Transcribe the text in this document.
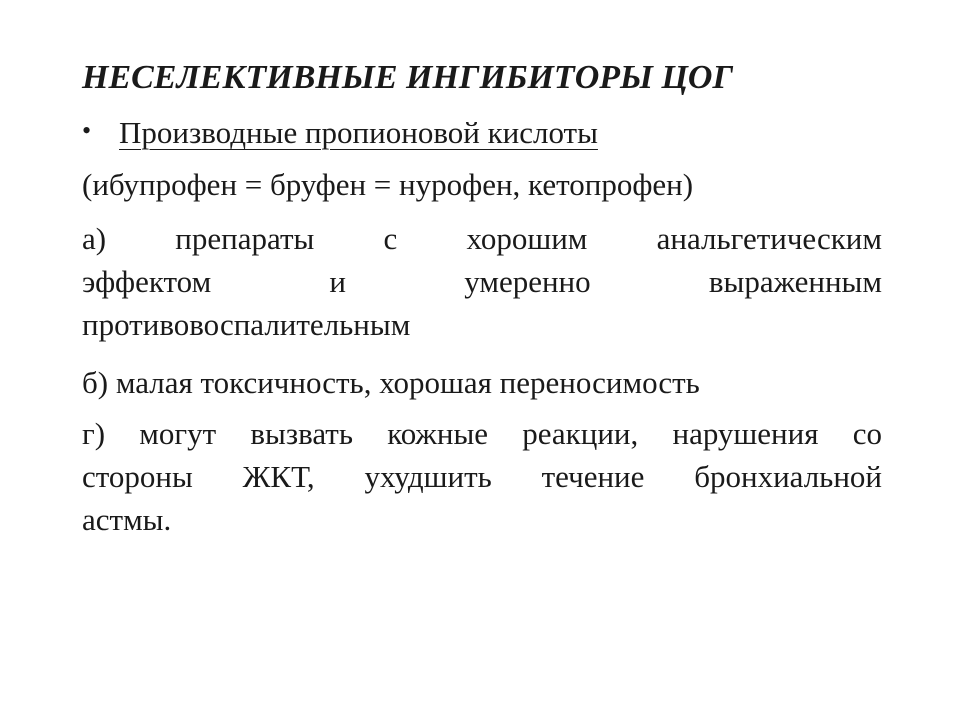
НЕСЕЛЕКТИВНЫЕ ИНГИБИТОРЫ ЦОГ
• Производные пропионовой кислоты
(ибупрофен = бруфен = нурофен, кетопрофен)
а) препараты с хорошим анальгетическим
эффектом и умеренно выраженным
противовоспалительным
б) малая токсичность, хорошая переносимость
г) могут вызвать кожные реакции, нарушения со
стороны ЖКТ, ухудшить течение бронхиальной
астмы.
